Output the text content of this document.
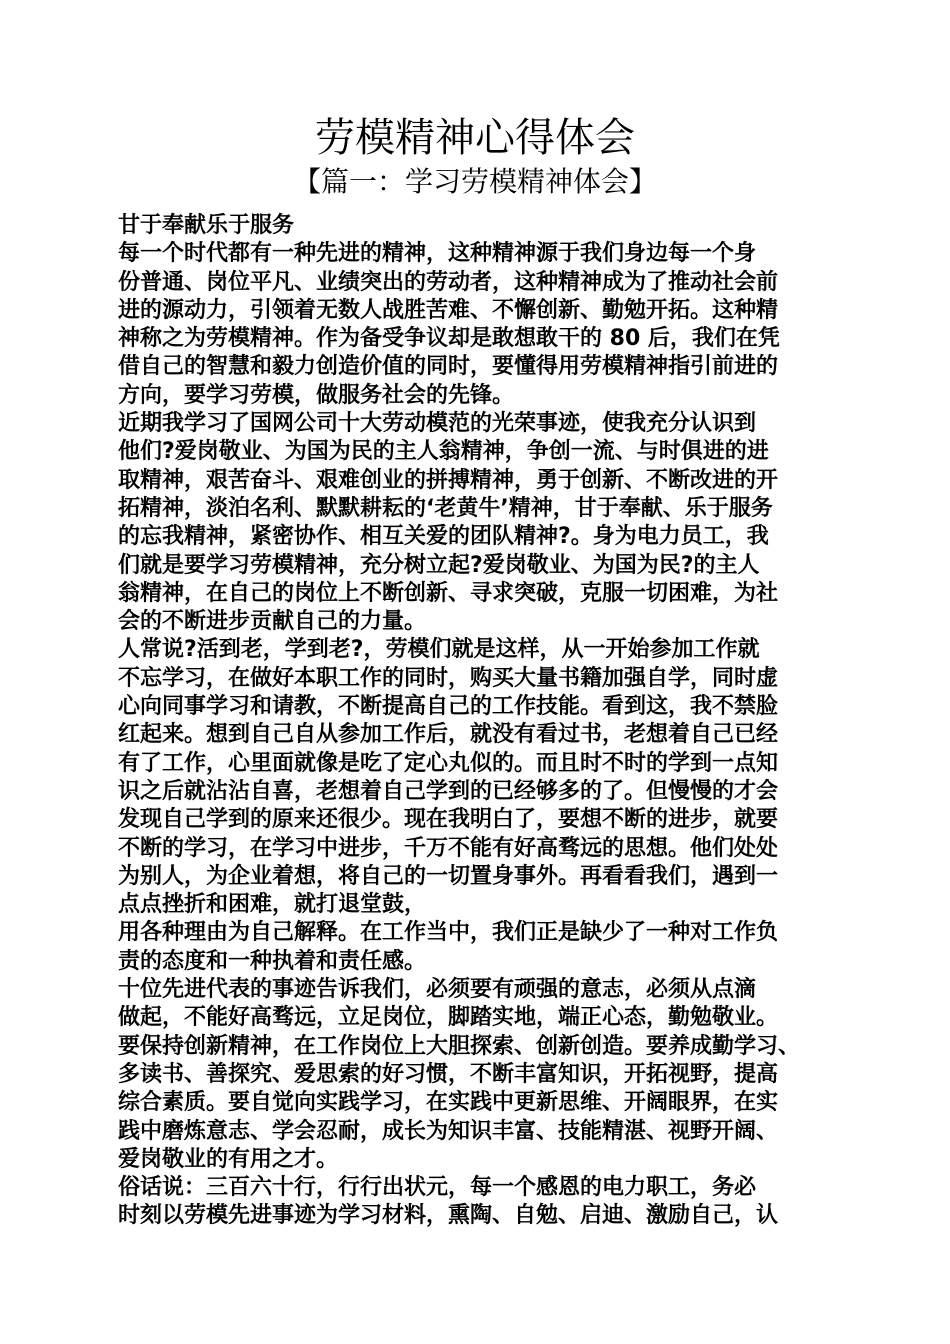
劳模精神心得体会
【篇一：学习劳模精神体会】
甘于奉献乐于服务
每一个时代都有一种先进的精神，这种精神源于我们身边每一个身
份普通、岗位平凡、业绩突出的劳动者，这种精神成为了推动社会前
进的源动力，引领着无数人战胜苦难、不懈创新、勤勉开拓。这种精
神称之为劳模精神。作为备受争议却是敢想敢干的 80 后，我们在凭
借自己的智慧和毅力创造价值的同时，要懂得用劳模精神指引前进的
方向，要学习劳模，做服务社会的先锋。
近期我学习了国网公司十大劳动模范的光荣事迹，使我充分认识到
他们?爱岗敬业、为国为民的主人翁精神，争创一流、与时俱进的进
取精神，艰苦奋斗、艰难创业的拼搏精神，勇于创新、不断改进的开
拓精神，淡泊名利、默默耕耘的‘老黄牛’精神，甘于奉献、乐于服务
的忘我精神，紧密协作、相互关爱的团队精神?。身为电力员工，我
们就是要学习劳模精神，充分树立起?爱岗敬业、为国为民?的主人
翁精神，在自己的岗位上不断创新、寻求突破，克服一切困难，为社
会的不断进步贡献自己的力量。
人常说?活到老，学到老?，劳模们就是这样，从一开始参加工作就
不忘学习，在做好本职工作的同时，购买大量书籍加强自学，同时虚
心向同事学习和请教，不断提高自己的工作技能。看到这，我不禁脸
红起来。想到自己自从参加工作后，就没有看过书，老想着自己已经
有了工作，心里面就像是吃了定心丸似的。而且时不时的学到一点知
识之后就沾沾自喜，老想着自己学到的已经够多的了。但慢慢的才会
发现自己学到的原来还很少。现在我明白了，要想不断的进步，就要
不断的学习，在学习中进步，千万不能有好高骛远的思想。他们处处
为别人，为企业着想，将自己的一切置身事外。再看看我们，遇到一
点点挫折和困难，就打退堂鼓，
用各种理由为自己解释。在工作当中，我们正是缺少了一种对工作负
责的态度和一种执着和责任感。
十位先进代表的事迹告诉我们，必须要有顽强的意志，必须从点滴
做起，不能好高骛远，立足岗位，脚踏实地，端正心态，勤勉敬业。
要保持创新精神，在工作岗位上大胆探索、创新创造。要养成勤学习、
多读书、善探究、爱思索的好习惯，不断丰富知识，开拓视野，提高
综合素质。要自觉向实践学习，在实践中更新思维、开阔眼界，在实
践中磨炼意志、学会忍耐，成长为知识丰富、技能精湛、视野开阔、
爱岗敬业的有用之才。
俗话说：三百六十行，行行出状元，每一个感恩的电力职工，务必
时刻以劳模先进事迹为学习材料，熏陶、自勉、启迪、激励自己，认
